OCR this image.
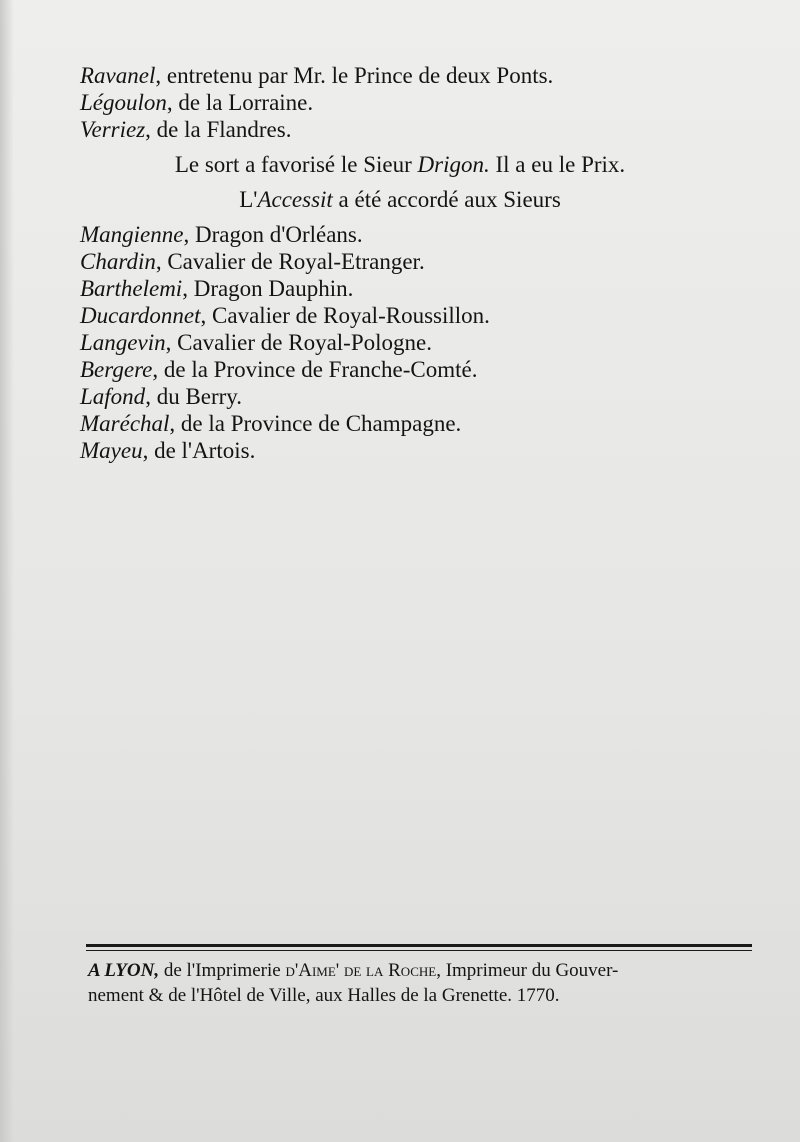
Ravanel, entretenu par Mr. le Prince de deux Ponts.
Légoulon, de la Lorraine.
Verriez, de la Flandres.
Le sort a favorisé le Sieur Drigon. Il a eu le Prix.
L'Accessit a été accordé aux Sieurs
Mangienne, Dragon d'Orléans.
Chardin, Cavalier de Royal-Etranger.
Barthelemi, Dragon Dauphin.
Ducardonnet, Cavalier de Royal-Roussillon.
Langevin, Cavalier de Royal-Pologne.
Bergere, de la Province de Franche-Comté.
Lafond, du Berry.
Maréchal, de la Province de Champagne.
Mayeu, de l'Artois.
A LYON, de l'Imprimerie d'Aime' de la Roche, Imprimeur du Gouver-
nement & de l'Hôtel de Ville, aux Halles de la Grenette. 1770.
